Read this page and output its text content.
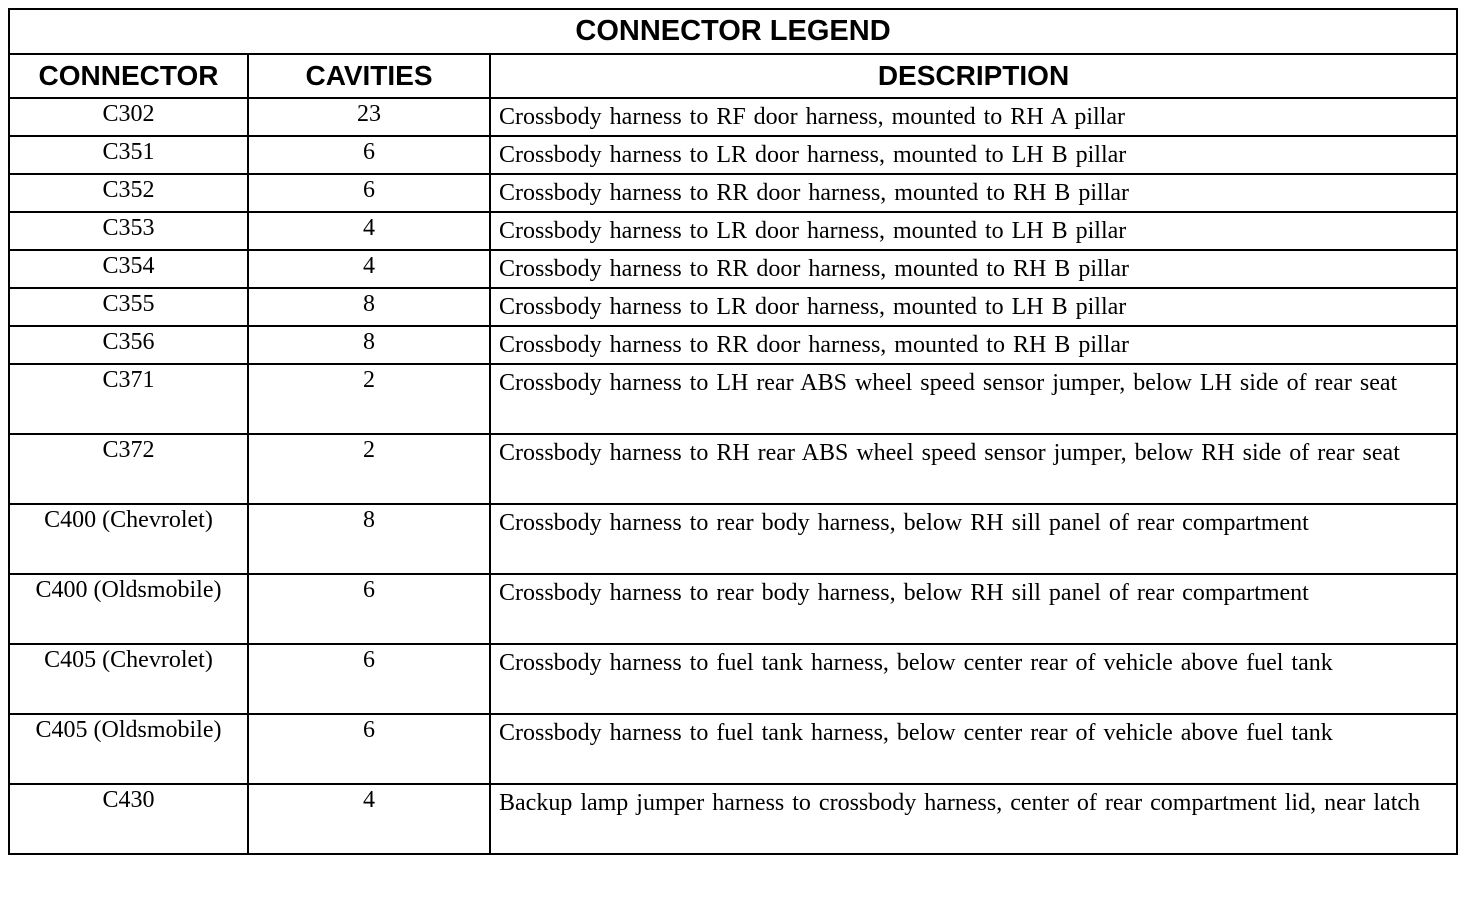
CONNECTOR LEGEND		
CONNECTOR	CAVITIES	DESCRIPTION
C302	23	Crossbody harness to RF door harness, mounted to RH A pillar
C351	6	Crossbody harness to LR door harness, mounted to LH B pillar
C352	6	Crossbody harness to RR door harness, mounted to RH B pillar
C353	4	Crossbody harness to LR door harness, mounted to LH B pillar
C354	4	Crossbody harness to RR door harness, mounted to RH B pillar
C355	8	Crossbody harness to LR door harness, mounted to LH B pillar
C356	8	Crossbody harness to RR door harness, mounted to RH B pillar
C371	2	Crossbody harness to LH rear ABS wheel speed sensor jumper, below LH side of rear seat
C372	2	Crossbody harness to RH rear ABS wheel speed sensor jumper, below RH side of rear seat
C400 (Chevrolet)	8	Crossbody harness to rear body harness, below RH sill panel of rear compartment
C400 (Oldsmobile)	6	Crossbody harness to rear body harness, below RH sill panel of rear compartment
C405 (Chevrolet)	6	Crossbody harness to fuel tank harness, below center rear of vehicle above fuel tank
C405 (Oldsmobile)	6	Crossbody harness to fuel tank harness, below center rear of vehicle above fuel tank
C430	4	Backup lamp jumper harness to crossbody harness, center of rear compartment lid, near latch
